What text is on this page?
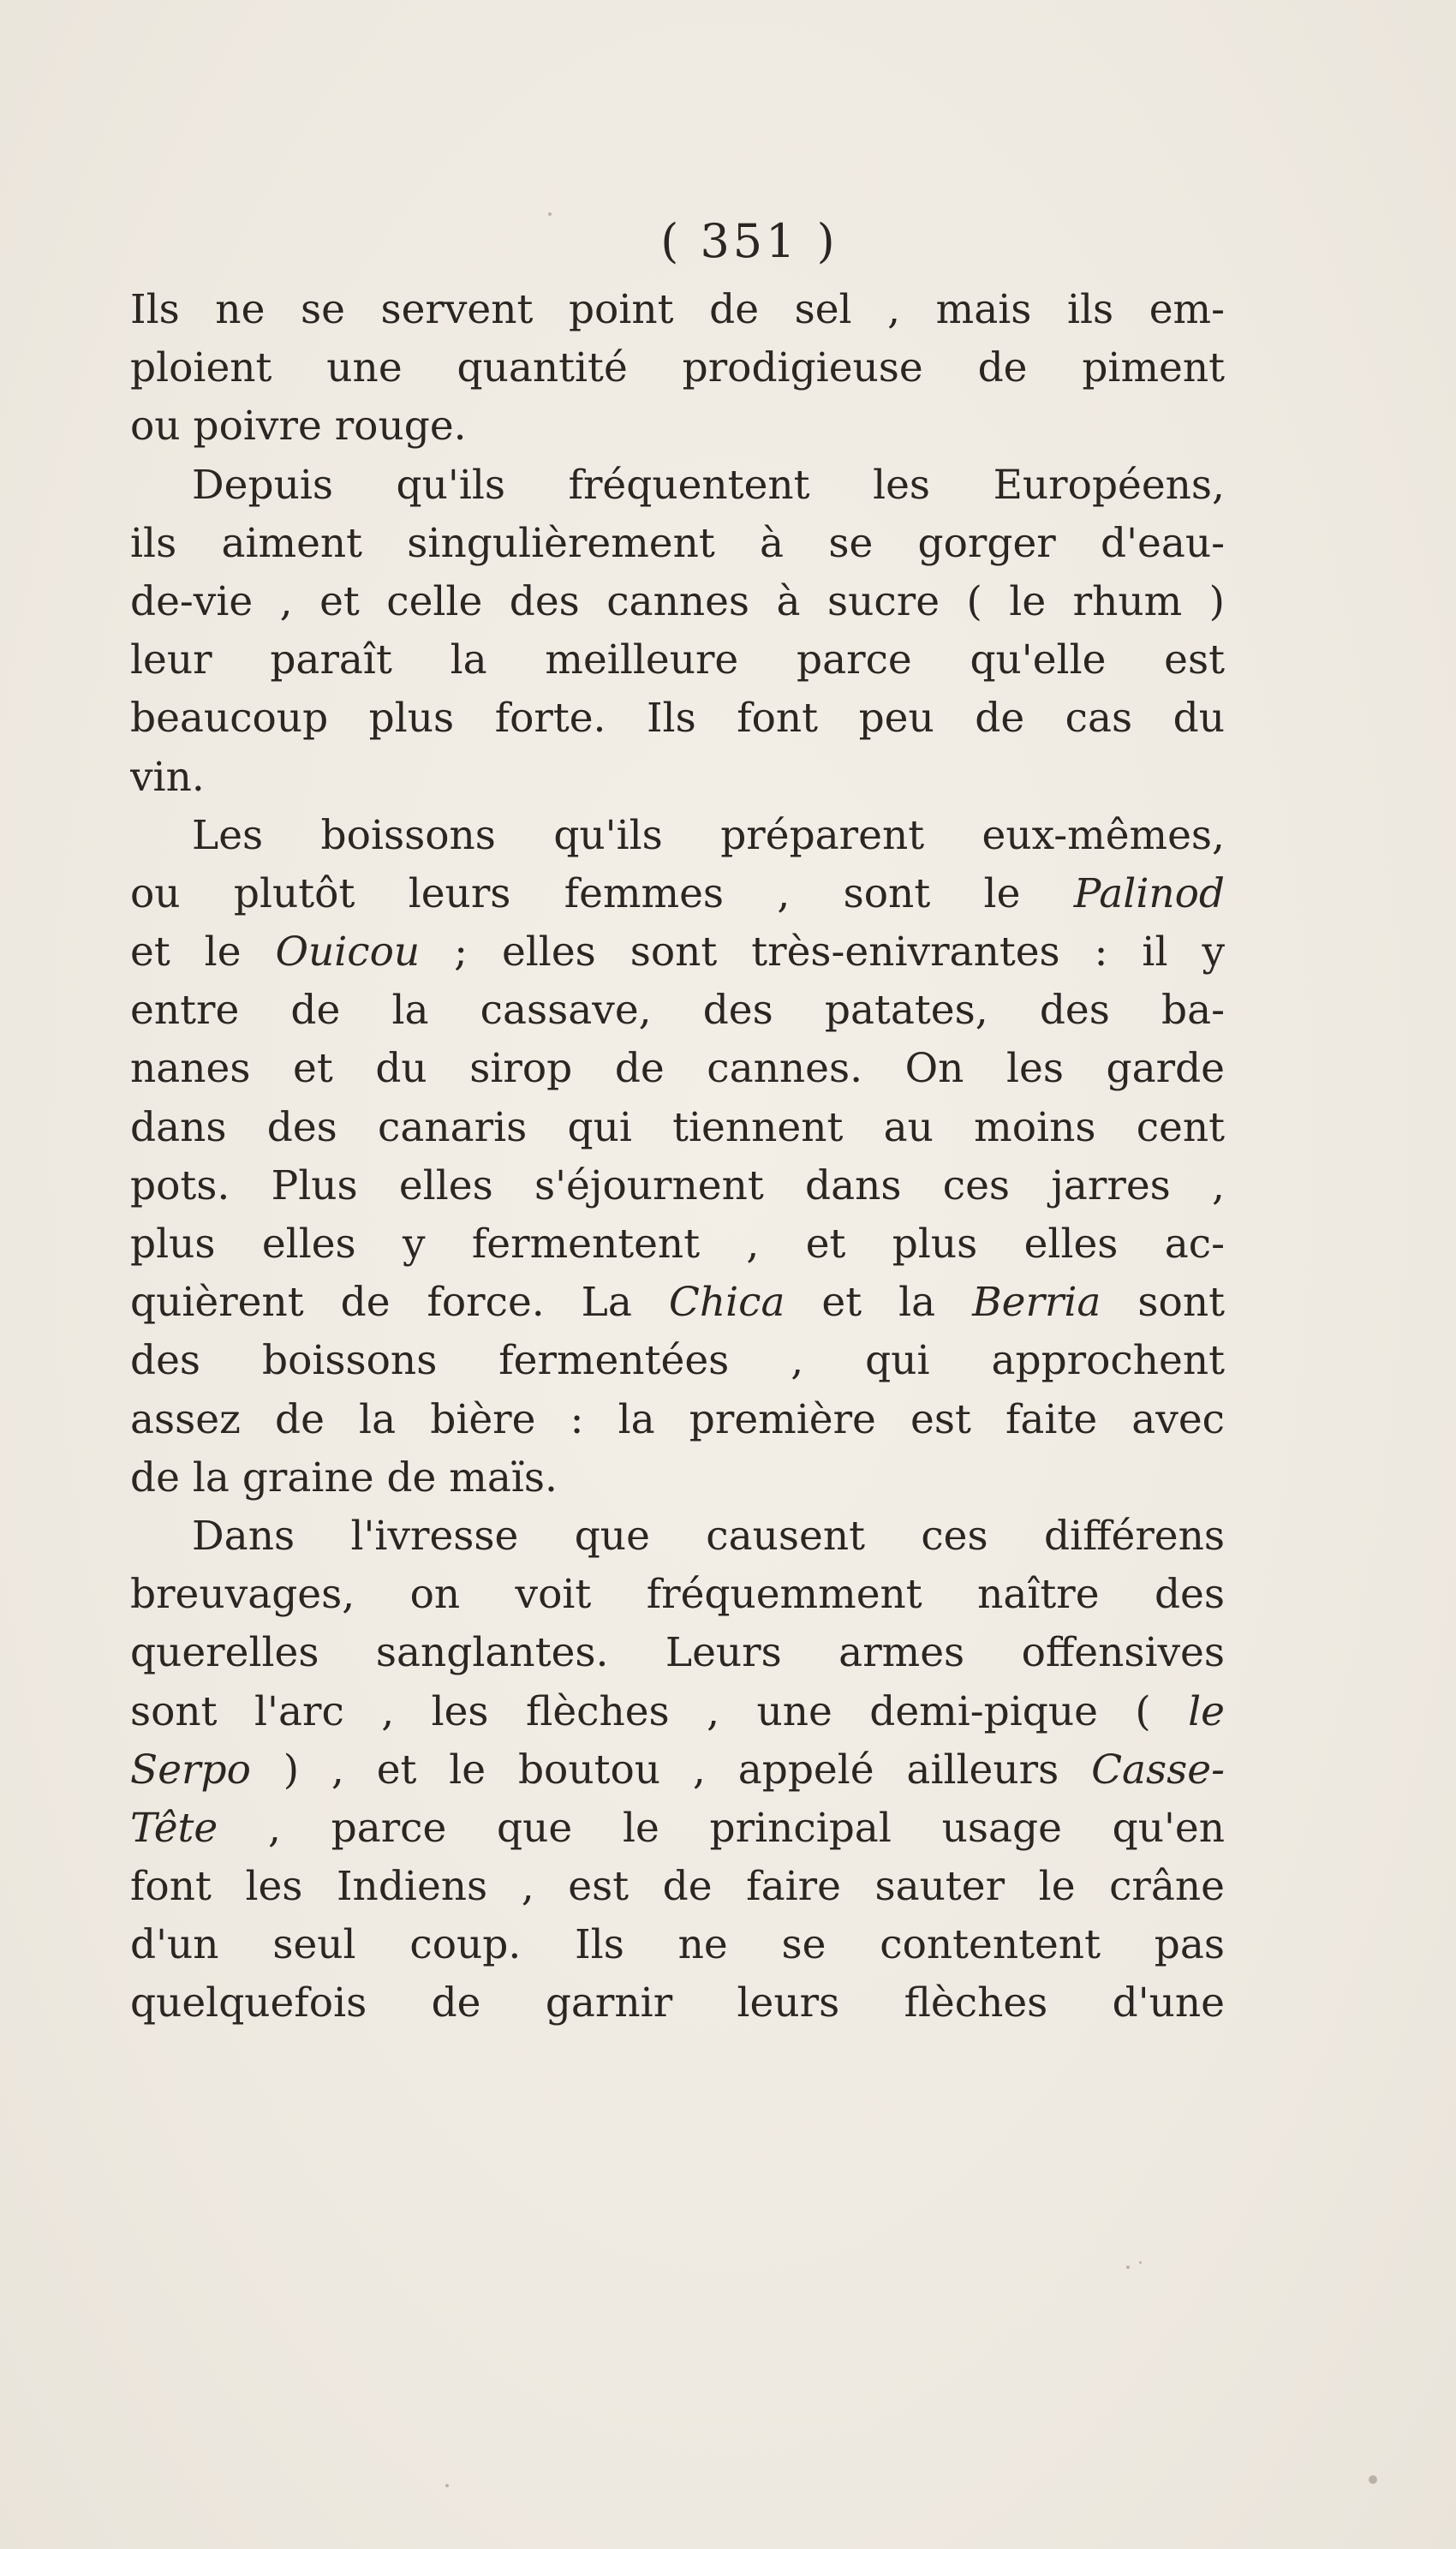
( 351 )
Ils ne se servent point de sel , mais ils em-
ploient une quantité prodigieuse de piment
ou poivre rouge.
Depuis qu'ils fréquentent les Européens,
ils aiment singulièrement à se gorger d'eau-
de-vie , et celle des cannes à sucre ( le rhum )
leur paraît la meilleure parce qu'elle est
beaucoup plus forte. Ils font peu de cas du
vin.
Les boissons qu'ils préparent eux-mêmes,
ou plutôt leurs femmes , sont le Palinod
et le Ouicou ; elles sont très-enivrantes : il y
entre de la cassave, des patates, des ba-
nanes et du sirop de cannes. On les garde
dans des canaris qui tiennent au moins cent
pots. Plus elles s'éjournent dans ces jarres ,
plus elles y fermentent , et plus elles ac-
quièrent de force. La Chica et la Berria sont
des boissons fermentées , qui approchent
assez de la bière : la première est faite avec
de la graine de maïs.
Dans l'ivresse que causent ces différens
breuvages, on voit fréquemment naître des
querelles sanglantes. Leurs armes offensives
sont l'arc , les flèches , une demi-pique ( le
Serpo ) , et le boutou , appelé ailleurs Casse-
Tête , parce que le principal usage qu'en
font les Indiens , est de faire sauter le crâne
d'un seul coup. Ils ne se contentent pas
quelquefois de garnir leurs flèches d'une
